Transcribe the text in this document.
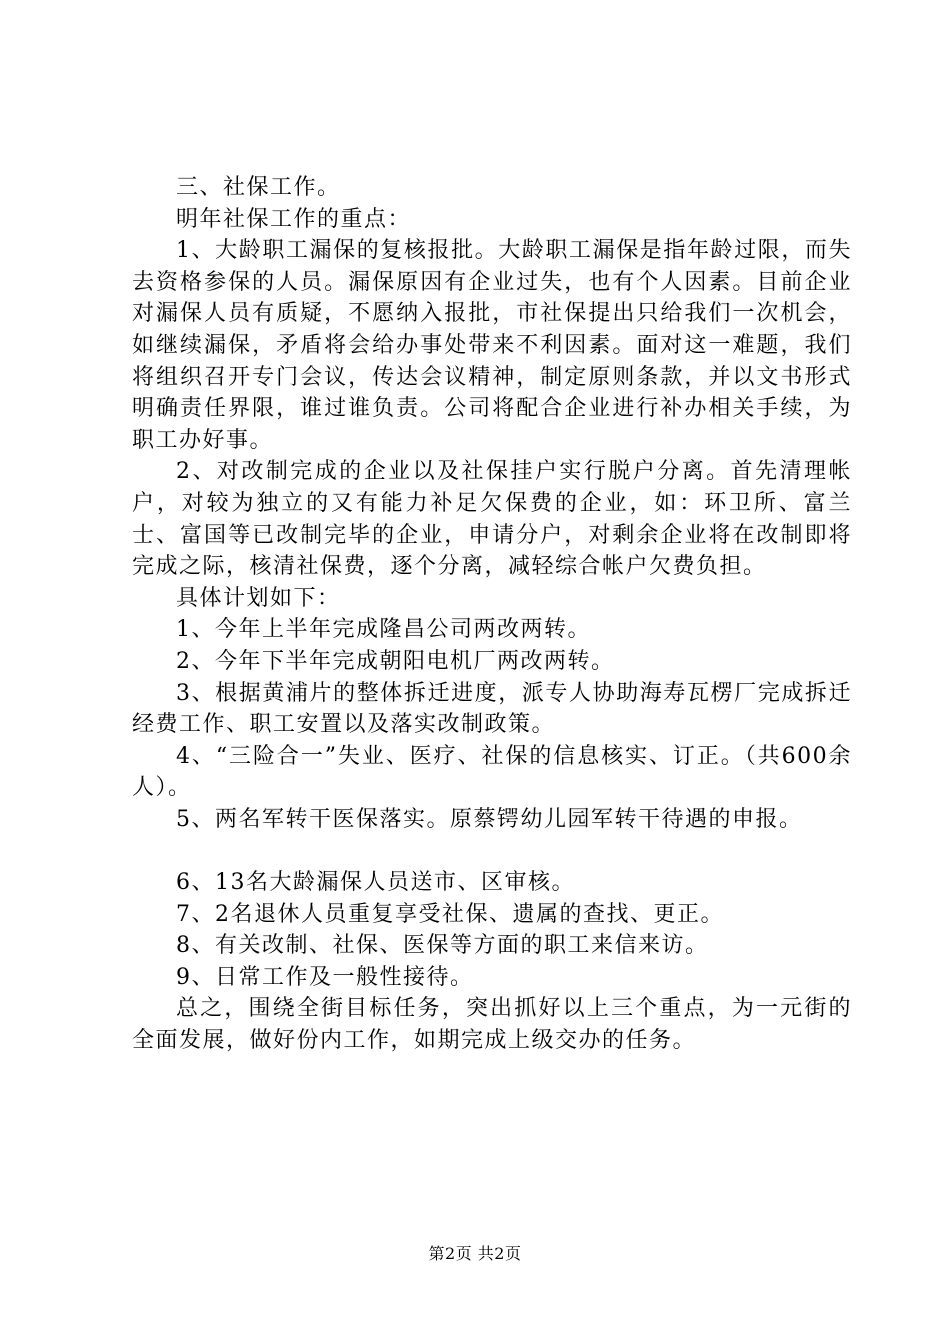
三、社保工作。

明年社保工作的重点：

1、大龄职工漏保的复核报批。大龄职工漏保是指年龄过限，而失去资格参保的人员。漏保原因有企业过失，也有个人因素。目前企业对漏保人员有质疑，不愿纳入报批，市社保提出只给我们一次机会，如继续漏保，矛盾将会给办事处带来不利因素。面对这一难题，我们将组织召开专门会议，传达会议精神，制定原则条款，并以文书形式明确责任界限，谁过谁负责。公司将配合企业进行补办相关手续，为职工办好事。

2、对改制完成的企业以及社保挂户实行脱户分离。首先清理帐户，对较为独立的又有能力补足欠保费的企业，如：环卫所、富兰士、富国等已改制完毕的企业，申请分户，对剩余企业将在改制即将完成之际，核清社保费，逐个分离，减轻综合帐户欠费负担。

具体计划如下：

1、今年上半年完成隆昌公司两改两转。

2、今年下半年完成朝阳电机厂两改两转。

3、根据黄浦片的整体拆迁进度，派专人协助海寿瓦楞厂完成拆迁经费工作、职工安置以及落实改制政策。

4、“三险合一”失业、医疗、社保的信息核实、订正。（共600余人）。

5、两名军转干医保落实。原蔡锷幼儿园军转干待遇的申报。

6、13名大龄漏保人员送市、区审核。

7、2名退休人员重复享受社保、遗属的查找、更正。

8、有关改制、社保、医保等方面的职工来信来访。

9、日常工作及一般性接待。

总之，围绕全街目标任务，突出抓好以上三个重点，为一元街的全面发展，做好份内工作，如期完成上级交办的任务。

第2页 共2页
